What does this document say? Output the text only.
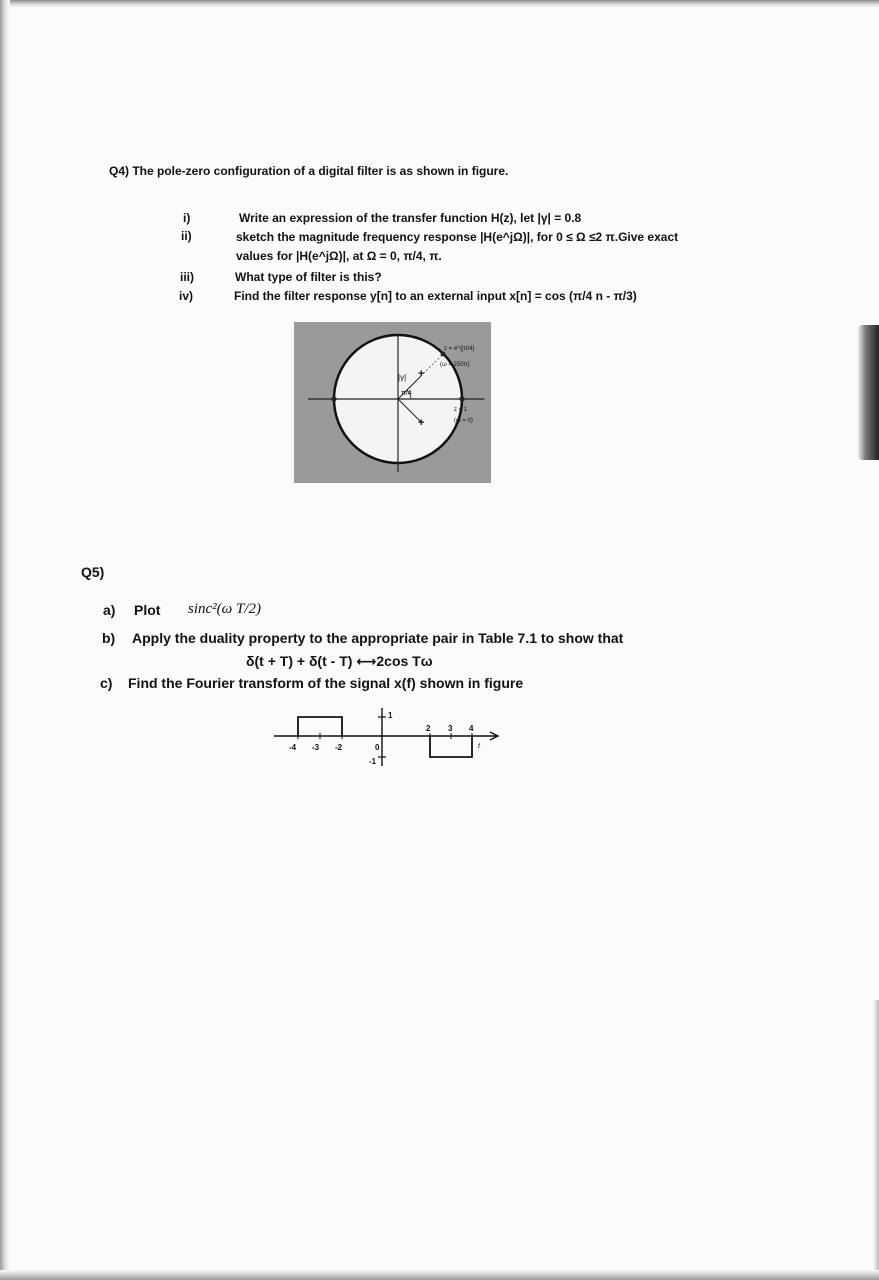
Q4) The pole-zero configuration of a digital filter is as shown in figure.
i)	Write an expression of the transfer function H(z), let |γ| = 0.8
ii)	sketch the magnitude frequency response |H(e^jΩ)|, for 0 ≤ Ω ≤2 π.Give exact
values for |H(e^jΩ)|, at Ω = 0, π/4, π.
iii)	What type of filter is this?
iv)	Find the filter response y[n] to an external input x[n] = cos (π/4 n - π/3)
+
+
|γ|
π/4
z = e^{jπ/4}
(ω = 250π)
z = 1
(ω = 0)
Q5)
a) Plot sinc²(ω T/2)
b) Apply the duality property to the appropriate pair in Table 7.1 to show that
δ(t + T) + δ(t - T) ⟷2cos Tω
c) Find the Fourier transform of the signal x(f) shown in figure
-4 -3 -2	0
2 3 4
1
-1
t
